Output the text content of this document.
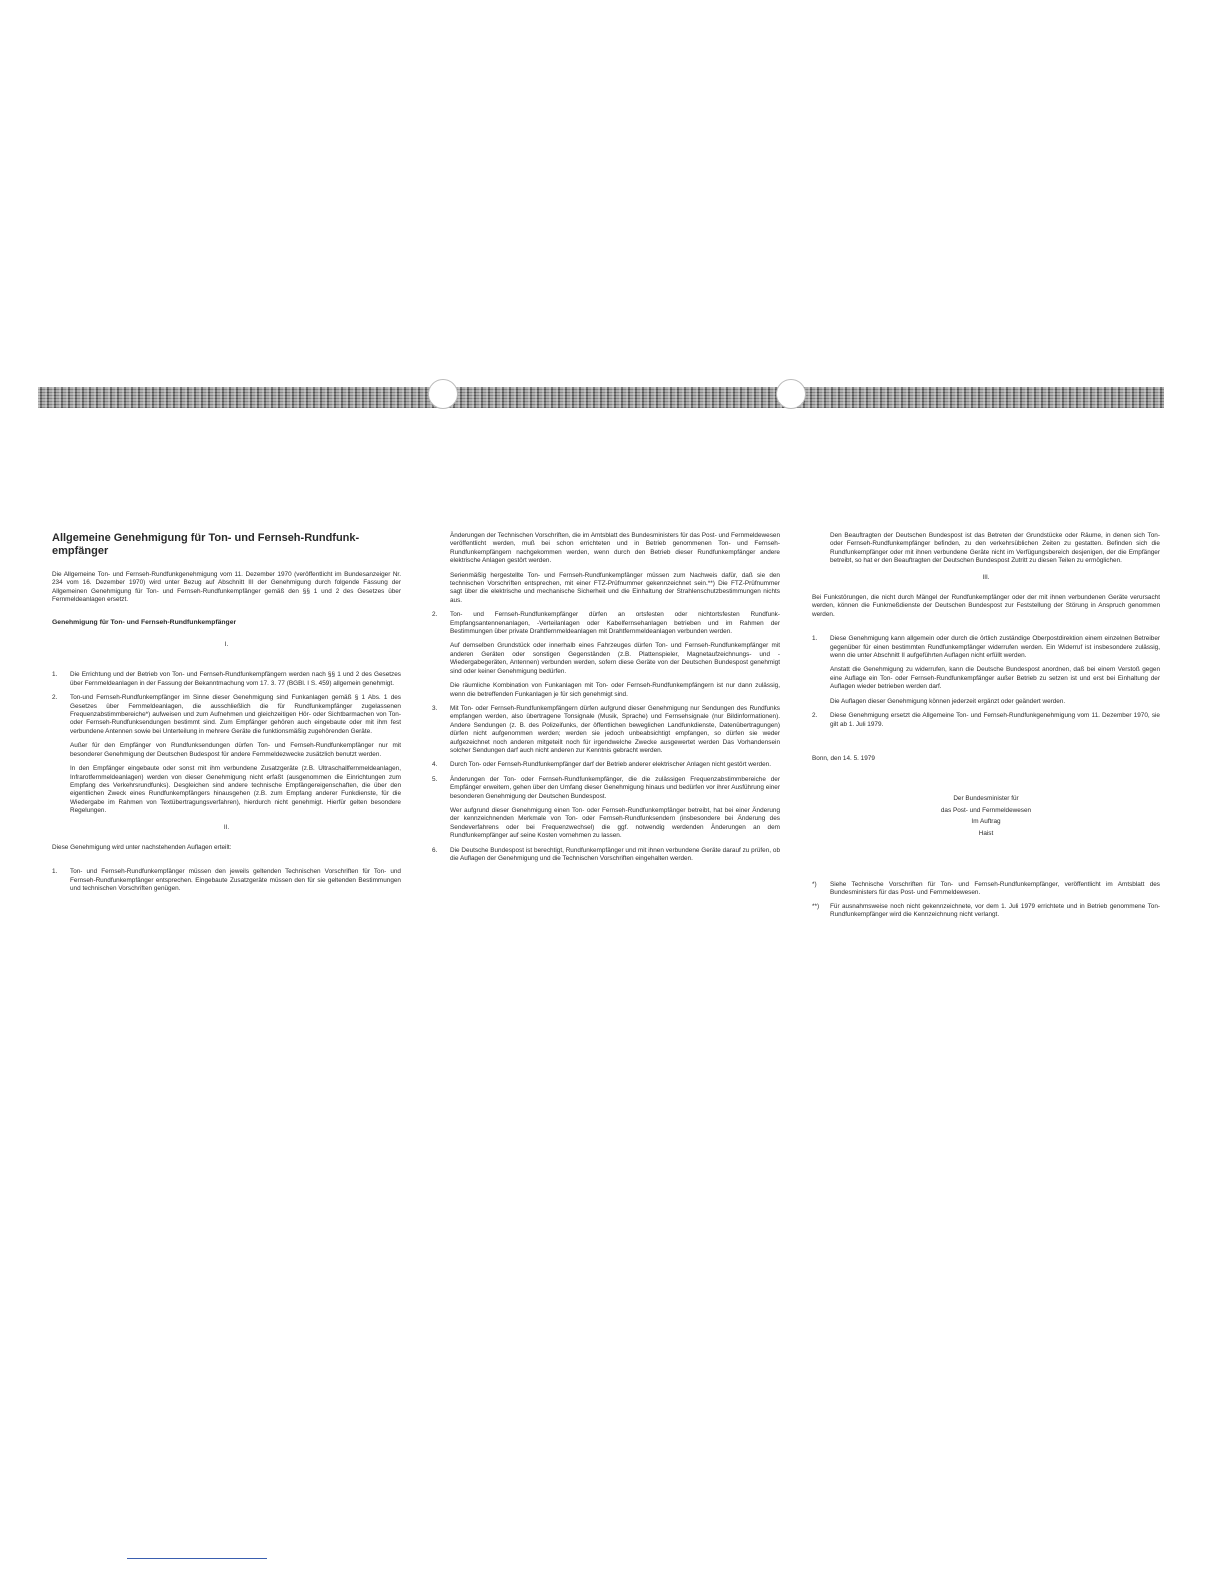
Allgemeine Genehmigung für Ton- und Fernseh-Rundfunk-empfänger
Die Allgemeine Ton- und Fernseh-Rundfunkgenehmigung vom 11. Dezember 1970 (veröffentlicht im Bundesanzeiger Nr. 234 vom 16. Dezember 1970) wird unter Bezug auf Abschnitt III der Genehmigung durch folgende Fassung der Allgemeinen Genehmigung für Ton- und Fernseh-Rundfunkempfänger gemäß den §§ 1 und 2 des Gesetzes über Fernmeldeanlagen ersetzt.
Genehmigung für Ton- und Fernseh-Rundfunkempfänger
I.
1. Die Errichtung und der Betrieb von Ton- und Fernseh-Rundfunkempfängern werden nach §§ 1 und 2 des Gesetzes über Fernmeldeanlagen in der Fassung der Bekanntmachung vom 17. 3. 77 (BGBl. I S. 459) allgemein genehmigt.
2. Ton-und Fernseh-Rundfunkempfänger im Sinne dieser Genehmigung sind Funkanlagen gemäß § 1 Abs. 1 des Gesetzes über Fernmeldeanlagen, die ausschließlich die für Rundfunkempfänger zugelassenen Frequenzabstimmbereiche*) aufweisen und zum Aufnehmen und gleichzeitigen Hör- oder Sichtbarmachen von Ton- oder Fernseh-Rundfunksendungen bestimmt sind. Zum Empfänger gehören auch eingebaute oder mit ihm fest verbundene Antennen sowie bei Unterteilung in mehrere Geräte die funktionsmäßig zugehörenden Geräte.
Außer für den Empfänger von Rundfunksendungen dürfen Ton- und Fernseh-Rundfunkempfänger nur mit besonderer Genehmigung der Deutschen Budespost für andere Fernmeldezwecke zusätzlich benutzt werden.
In den Empfänger eingebaute oder sonst mit ihm verbundene Zusatzgeräte (z.B. Ultraschallfernmeldeanlagen, Infrarotfernmeldeanlagen) werden von dieser Genehmigung nicht erfaßt (ausgenommen die Einrichtungen zum Empfang des Verkehrsrundfunks). Desgleichen sind andere technische Empfängereigenschaften, die über den eigentlichen Zweck eines Rundfunkempfängers hinausgehen (z.B. zum Empfang anderer Funkdienste, für die Wiedergabe im Rahmen von Textübertragungsverfahren), hierdurch nicht genehmigt. Hierfür gelten besondere Regelungen.
II.
Diese Genehmigung wird unter nachstehenden Auflagen erteilt:
1. Ton- und Fernseh-Rundfunkempfänger müssen den jeweils geltenden Technischen Vorschriften für Ton- und Fernseh-Rundfunkempfänger entsprechen. Eingebaute Zusatzgeräte müssen den für sie geltenden Bestimmungen und technischen Vorschriften genügen.
Änderungen der Technischen Vorschriften, die im Amtsblatt des Bundesministers für das Post- und Fernmeldewesen veröffentlicht werden, muß bei schon errichteten und in Betrieb genommenen Ton- und Fernseh-Rundfunkempfängern nachgekommen werden, wenn durch den Betrieb dieser Rundfunkempfänger andere elektrische Anlagen gestört werden.
Serienmäßig hergestellte Ton- und Fernseh-Rundfunkempfänger müssen zum Nachweis dafür, daß sie den technischen Vorschriften entsprechen, mit einer FTZ-Prüfnummer gekennzeichnet sein.**) Die FTZ-Prüfnummer sagt über die elektrische und mechanische Sicherheit und die Einhaltung der Strahlenschutzbestimmungen nichts aus.
2. Ton- und Fernseh-Rundfunkempfänger dürfen an ortsfesten oder nichtortsfesten Rundfunk-Empfangsantennenanlagen, -Verteilanlagen oder Kabelfernsehanlagen betrieben und im Rahmen der Bestimmungen über private Drahtfernmeldeanlagen mit Drahtfernmeldeanlagen verbunden werden.
Auf demselben Grundstück oder innerhalb eines Fahrzeuges dürfen Ton- und Fernseh-Rundfunkempfänger mit anderen Geräten oder sonstigen Gegenständen (z.B. Plattenspieler, Magnetaufzeichnungs- und -Wiedergabegeräten, Antennen) verbunden werden, sofern diese Geräte von der Deutschen Bundespost genehmigt sind oder keiner Genehmigung bedürfen.
Die räumliche Kombination von Funkanlagen mit Ton- oder Fernseh-Rundfunkempfängern ist nur dann zulässig, wenn die betreffenden Funkanlagen je für sich genehmigt sind.
3. Mit Ton- oder Fernseh-Rundfunkempfängern dürfen aufgrund dieser Genehmigung nur Sendungen des Rundfunks empfangen werden, also übertragene Tonsignale (Musik, Sprache) und Fernsehsignale (nur Bildinformationen). Andere Sendungen (z. B. des Polizeifunks, der öffentlichen beweglichen Landfunkdienste, Datenübertragungen) dürfen nicht aufgenommen werden; werden sie jedoch unbeabsichtigt empfangen, so dürfen sie weder aufgezeichnet noch anderen mitgeteilt noch für irgendwelche Zwecke ausgewertet werden Das Vorhandensein solcher Sendungen darf auch nicht anderen zur Kenntnis gebracht werden.
4. Durch Ton- oder Fernseh-Rundfunkempfänger darf der Betrieb anderer elektrischer Anlagen nicht gestört werden.
5. Änderungen der Ton- oder Fernseh-Rundfunkempfänger, die die zulässigen Frequenzabstimmbereiche der Empfänger erweitern, gehen über den Umfang dieser Genehmigung hinaus und bedürfen vor ihrer Ausführung einer besonderen Genehmigung der Deutschen Bundespost.
Wer aufgrund dieser Genehmigung einen Ton- oder Fernseh-Rundfunkempfänger betreibt, hat bei einer Änderung der kennzeichnenden Merkmale von Ton- oder Fernseh-Rundfunksendern (insbesondere bei Änderung des Sendeverfahrens oder bei Frequenzwechsel) die ggf. notwendig werdenden Änderungen an dem Rundfunkempfänger auf seine Kosten vornehmen zu lassen.
6. Die Deutsche Bundespost ist berechtigt, Rundfunkempfänger und mit ihnen verbundene Geräte darauf zu prüfen, ob die Auflagen der Genehmigung und die Technischen Vorschriften eingehalten werden.
Den Beauftragten der Deutschen Bundespost ist das Betreten der Grundstücke oder Räume, in denen sich Ton- oder Fernseh-Rundfunkempfänger befinden, zu den verkehrsüblichen Zeiten zu gestatten. Befinden sich die Rundfunkempfänger oder mit ihnen verbundene Geräte nicht im Verfügungsbereich desjenigen, der die Empfänger betreibt, so hat er den Beauftragten der Deutschen Bundespost Zutritt zu diesen Teilen zu ermöglichen.
III.
Bei Funkstörungen, die nicht durch Mängel der Rundfunkempfänger oder der mit ihnen verbundenen Geräte verursacht werden, können die Funkmeßdienste der Deutschen Bundespost zur Feststellung der Störung in Anspruch genommen werden.
1. Diese Genehmigung kann allgemein oder durch die örtlich zuständige Oberpostdirektion einem einzelnen Betreiber gegenüber für einen bestimmten Rundfunkempfänger widerrufen werden. Ein Widerruf ist insbesondere zulässig, wenn die unter Abschnitt II aufgeführten Auflagen nicht erfüllt werden.
Anstatt die Genehmigung zu widerrufen, kann die Deutsche Bundespost anordnen, daß bei einem Verstoß gegen eine Auflage ein Ton- oder Fernseh-Rundfunkempfänger außer Betrieb zu setzen ist und erst bei Einhaltung der Auflagen wieder betrieben werden darf.
Die Auflagen dieser Genehmigung können jederzeit ergänzt oder geändert werden.
2. Diese Genehmigung ersetzt die Allgemeine Ton- und Fernseh-Rundfunkgenehmigung vom 11. Dezember 1970, sie gilt ab 1. Juli 1979.
Bonn, den 14. 5. 1979
Der Bundesminister für
das Post- und Fernmeldewesen
Im Auftrag
Haist
*) Siehe Technische Vorschriften für Ton- und Fernseh-Rundfunkempfänger, veröffentlicht im Amtsblatt des Bundesministers für das Post- und Fernmeldewesen.
**) Für ausnahmsweise noch nicht gekennzeichnete, vor dem 1. Juli 1979 errichtete und in Betrieb genommene Ton-Rundfunkempfänger wird die Kennzeichnung nicht verlangt.
